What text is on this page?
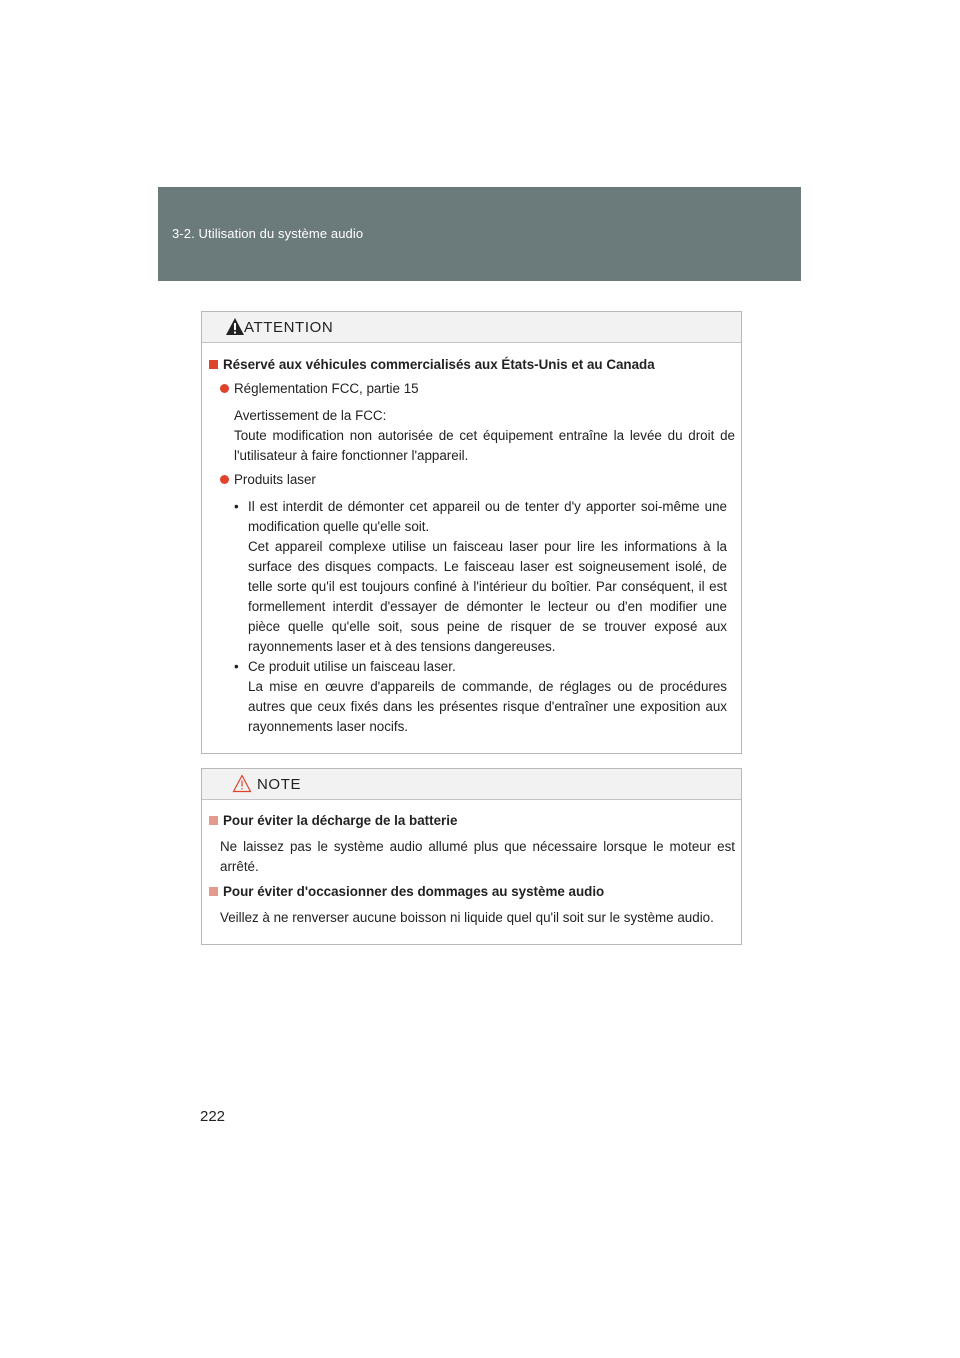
3-2. Utilisation du système audio
ATTENTION
Réservé aux véhicules commercialisés aux États-Unis et au Canada
Réglementation FCC, partie 15
Avertissement de la FCC:
Toute modification non autorisée de cet équipement entraîne la levée du droit de l'utilisateur à faire fonctionner l'appareil.
Produits laser
• Il est interdit de démonter cet appareil ou de tenter d'y apporter soi-même une modification quelle qu'elle soit.
Cet appareil complexe utilise un faisceau laser pour lire les informations à la surface des disques compacts. Le faisceau laser est soigneusement isolé, de telle sorte qu'il est toujours confiné à l'intérieur du boîtier. Par conséquent, il est formellement interdit d'essayer de démonter le lecteur ou d'en modifier une pièce quelle qu'elle soit, sous peine de risquer de se trouver exposé aux rayonnements laser et à des tensions dangereuses.
• Ce produit utilise un faisceau laser.
La mise en œuvre d'appareils de commande, de réglages ou de procédures autres que ceux fixés dans les présentes risque d'entraîner une exposition aux rayonnements laser nocifs.
NOTE
Pour éviter la décharge de la batterie
Ne laissez pas le système audio allumé plus que nécessaire lorsque le moteur est arrêté.
Pour éviter d'occasionner des dommages au système audio
Veillez à ne renverser aucune boisson ni liquide quel qu'il soit sur le système audio.
222
